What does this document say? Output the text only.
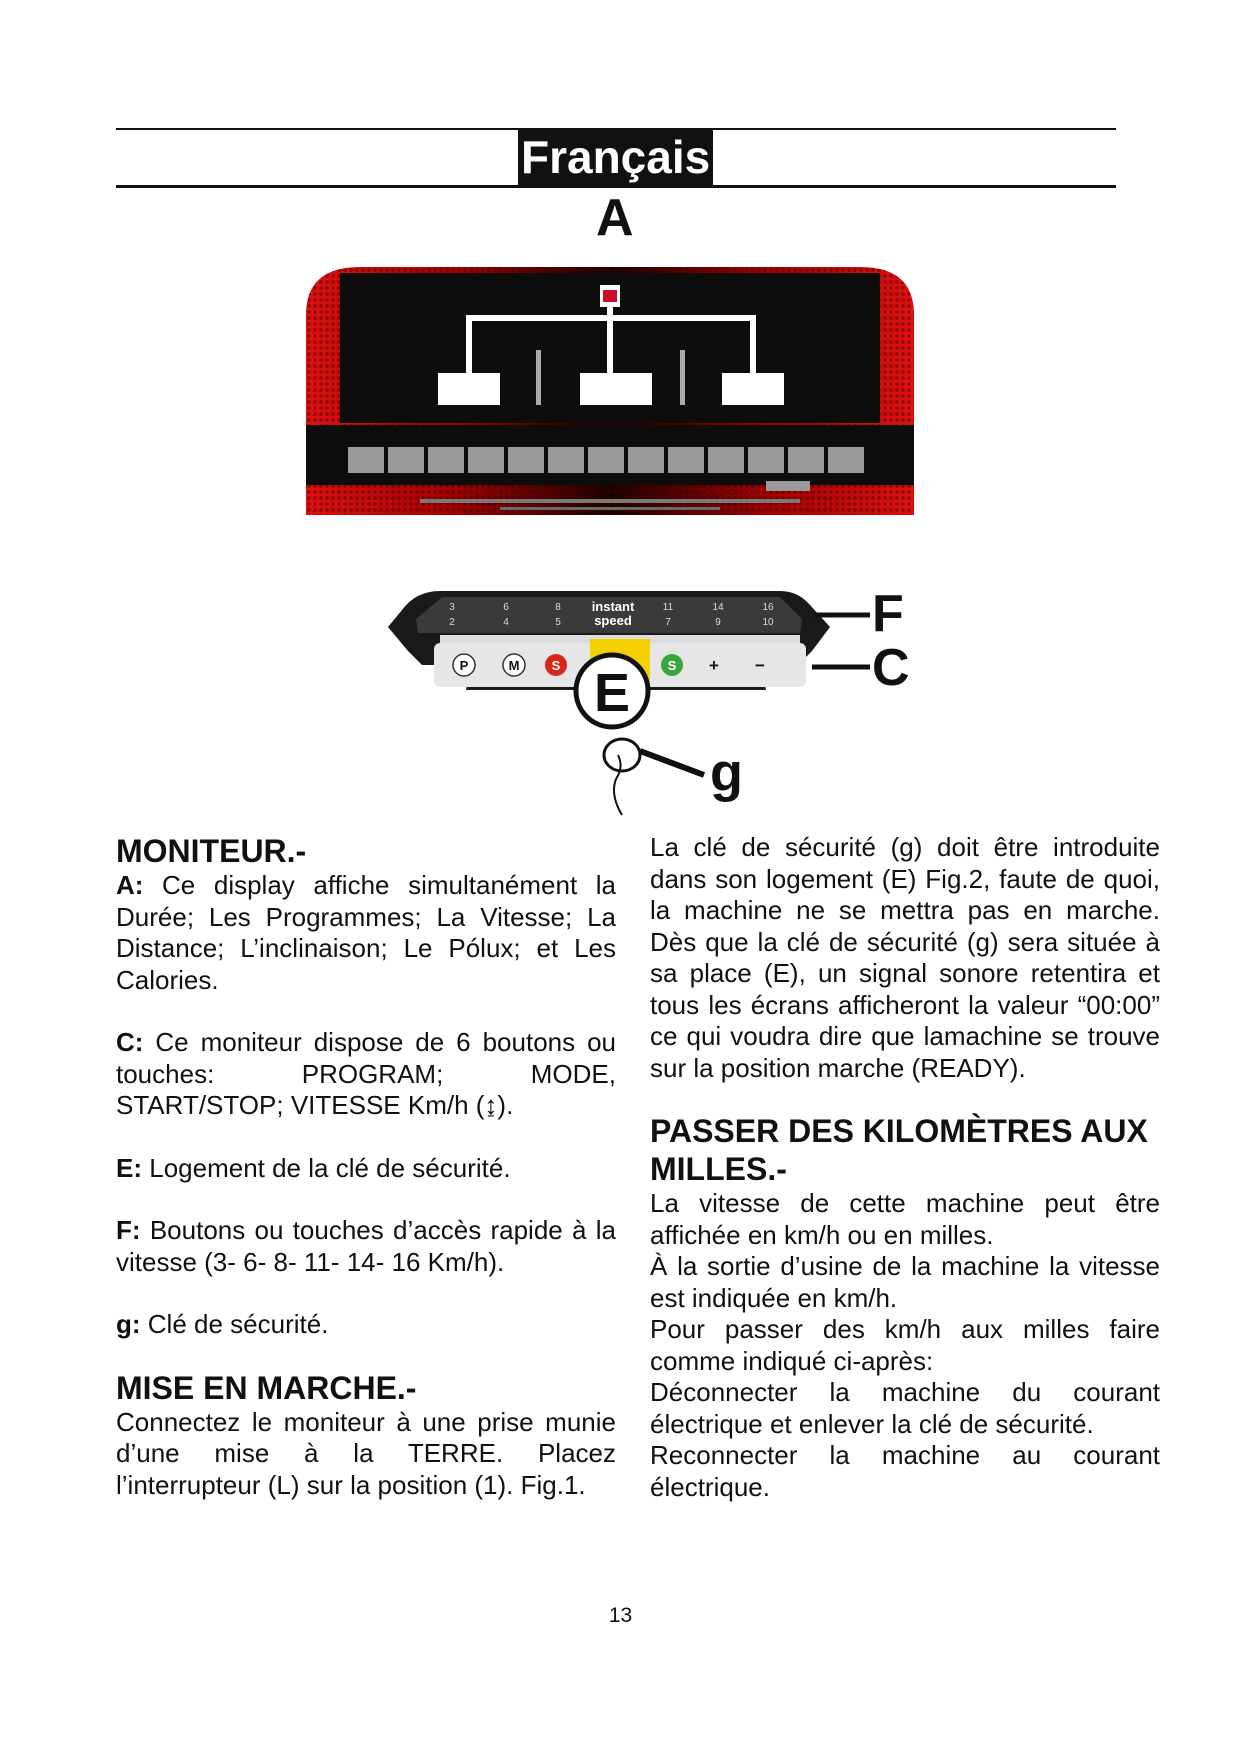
Français
A
3	6	8	11	14	16
2	4	5	7	9	10
instant
speed
P	M S	S + −
E
F
C
g
MONITEUR.-

A: Ce display affiche simultanément la Durée; Les Programmes; La Vitesse; La Distance; L’inclinaison; Le Pólux; et Les Calories.

C: Ce moniteur dispose de 6 boutons ou touches: PROGRAM; MODE, START/STOP; VITESSE Km/h (↨).

E: Logement de la clé de sécurité.

F: Boutons ou touches d’accès rapide à la vitesse (3- 6- 8- 11- 14- 16 Km/h).

g: Clé de sécurité.

MISE EN MARCHE.-

Connectez le moniteur à une prise munie d’une mise à la TERRE. Placez l’interrupteur (L) sur la position (1). Fig.1.

La clé de sécurité (g) doit être introduite dans son logement (E) Fig.2, faute de quoi, la machine ne se mettra pas en marche. Dès que la clé de sécurité (g) sera située à sa place (E), un signal sonore retentira et tous les écrans afficheront la valeur “00:00” ce qui voudra dire que lamachine se trouve sur la position marche (READY).

PASSER DES KILOMÈTRES AUX MILLES.-

La vitesse de cette machine peut être affichée en km/h ou en milles.

À la sortie d’usine de la machine la vitesse est indiquée en km/h.

Pour passer des km/h aux milles faire comme indiqué ci-après:

Déconnecter la machine du courant électrique et enlever la clé de sécurité.

Reconnecter la machine au courant électrique.

13
